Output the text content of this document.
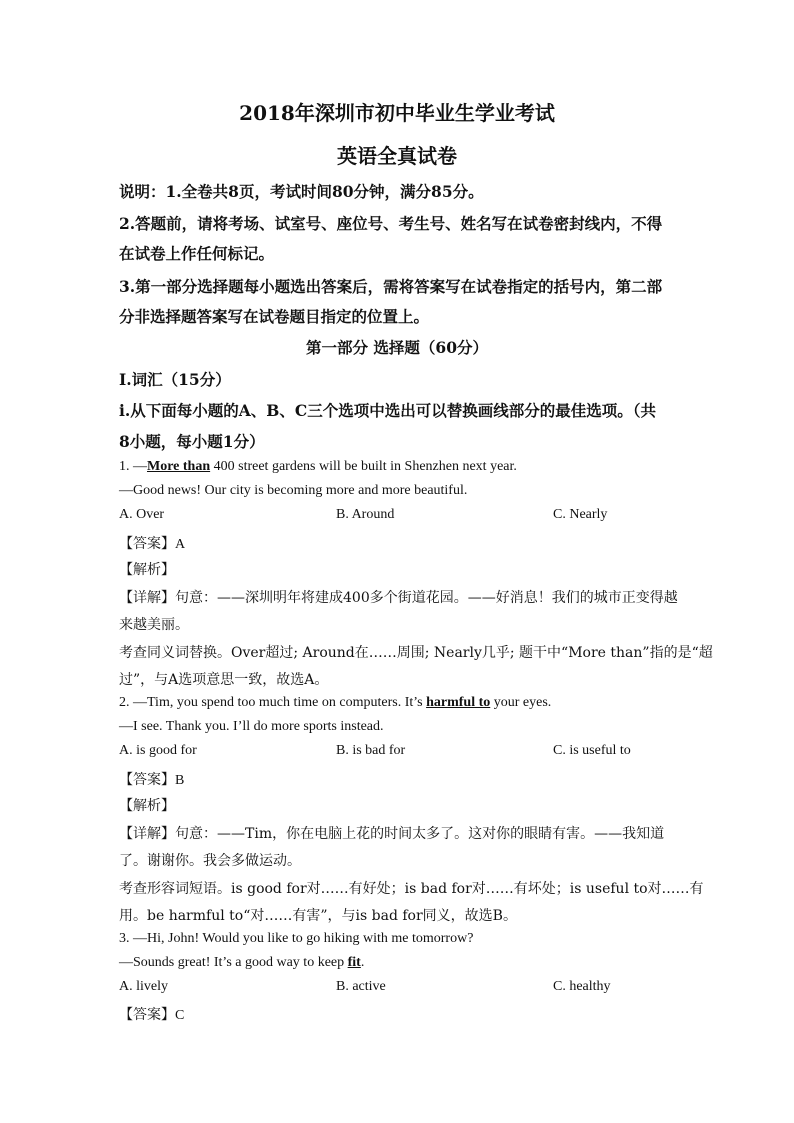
2018年深圳市初中毕业生学业考试
英语全真试卷
说明：1.全卷共8页，考试时间80分钟，满分85分。
2.答题前，请将考场、试室号、座位号、考生号、姓名写在试卷密封线内，不得
在试卷上作任何标记。
3.第一部分选择题每小题选出答案后，需将答案写在试卷指定的括号内，第二部
分非选择题答案写在试卷题目指定的位置上。
第一部分 选择题（60分）
I.词汇（15分）
i.从下面每小题的A、B、C三个选项中选出可以替换画线部分的最佳选项。（共
8小题，每小题1分）
1. —More than 400 street gardens will be built in Shenzhen next year.
—Good news! Our city is becoming more and more beautiful.
A. Over	B. Around	C. Nearly
【答案】A
【解析】
【详解】句意：——深圳明年将建成400多个街道花园。——好消息！我们的城市正变得越
来越美丽。
考查同义词替换。Over超过; Around在……周围; Nearly几乎; 题干中“More than”指的是“超
过”，与A选项意思一致，故选A。
2. —Tim, you spend too much time on computers. It’s harmful to your eyes.
—I see. Thank you. I’ll do more sports instead.
A. is good for	B. is bad for	C. is useful to
【答案】B
【解析】
【详解】句意：——Tim，你在电脑上花的时间太多了。这对你的眼睛有害。——我知道
了。谢谢你。我会多做运动。
考查形容词短语。is good for对……有好处；is bad for对……有坏处；is useful to对……有
用。be harmful to“对……有害”，与is bad for同义，故选B。
3. —Hi, John! Would you like to go hiking with me tomorrow?
—Sounds great! It’s a good way to keep fit.
A. lively	B. active	C. healthy
【答案】C
